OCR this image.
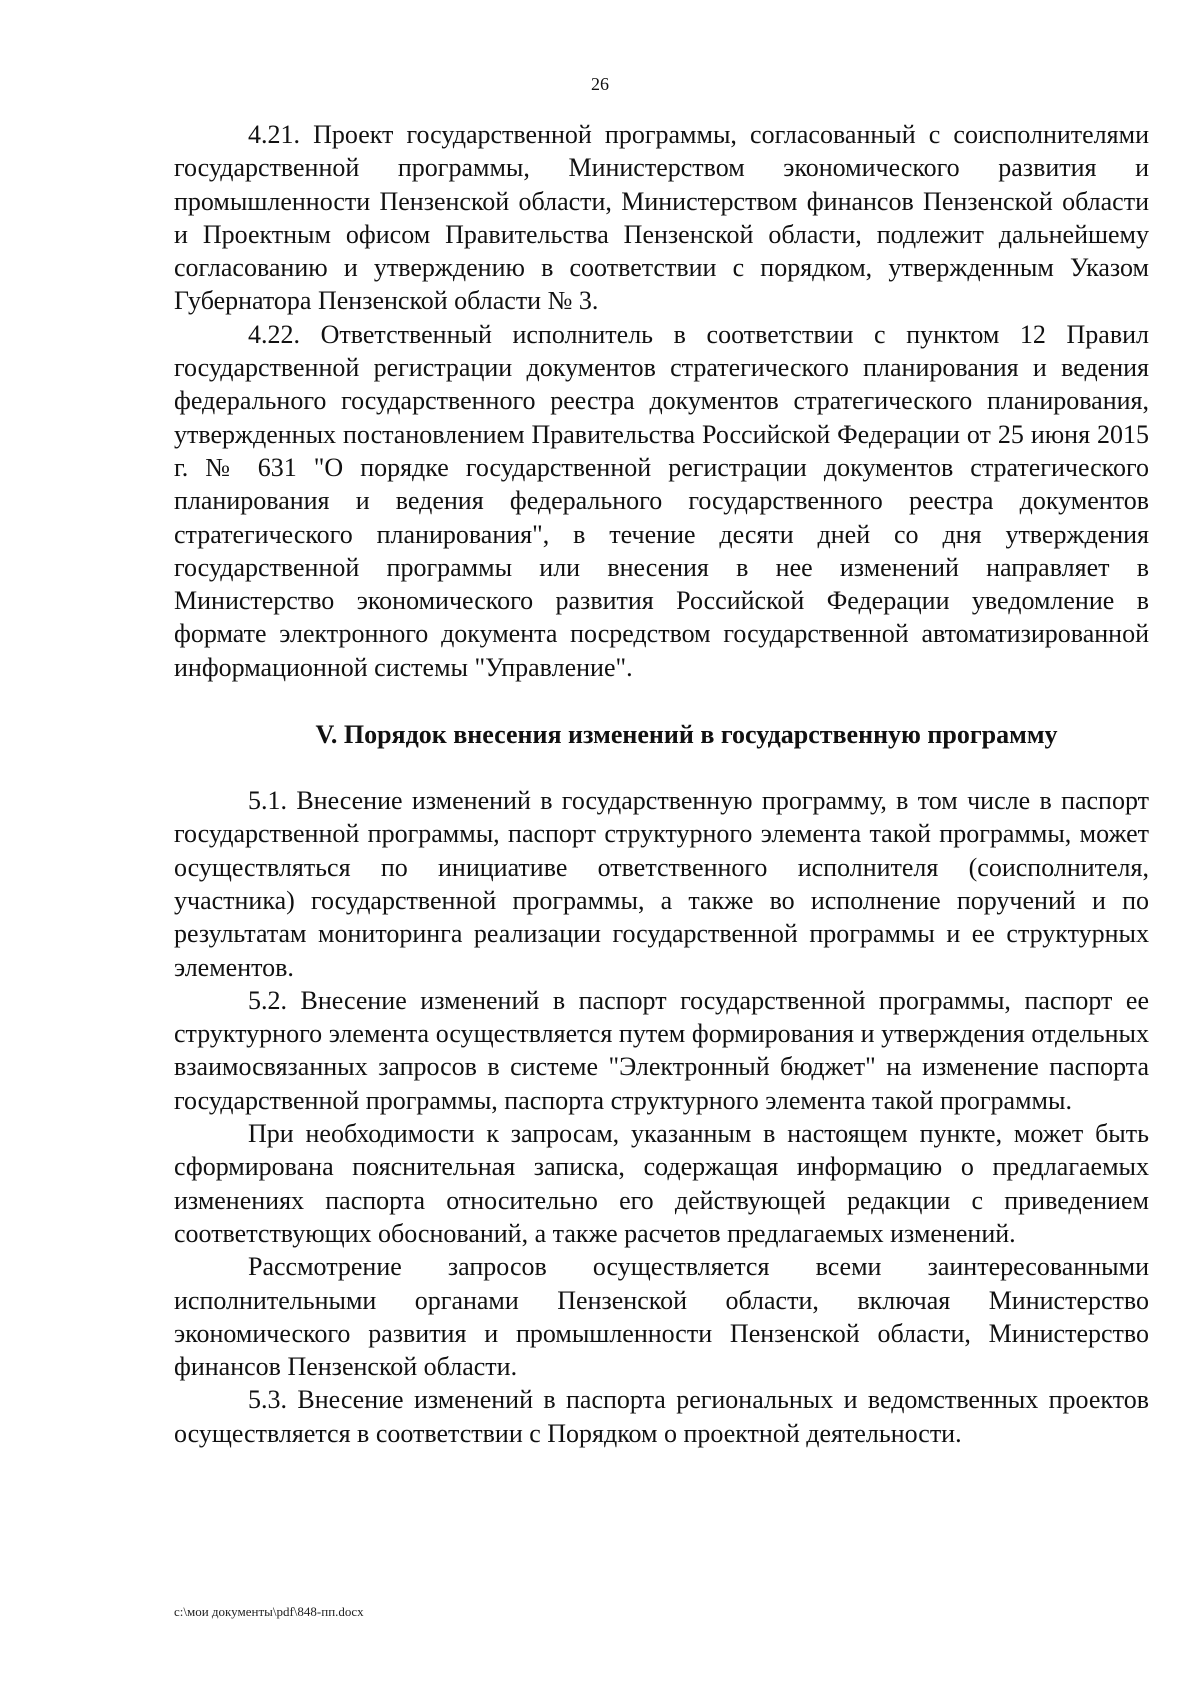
26

4.21. Проект государственной программы, согласованный с соисполнителями государственной программы, Министерством экономического развития и промышленности Пензенской области, Министерством финансов Пензенской области и Проектным офисом Правительства Пензенской области, подлежит дальнейшему согласованию и утверждению в соответствии с порядком, утвержденным Указом Губернатора Пензенской области № 3.

4.22. Ответственный исполнитель в соответствии с пунктом 12 Правил государственной регистрации документов стратегического планирования и ведения федерального государственного реестра документов стратегического планирования, утвержденных постановлением Правительства Российской Федерации от 25 июня 2015 г. № 631 "О порядке государственной регистрации документов стратегического планирования и ведения федерального государственного реестра документов стратегического планирования", в течение десяти дней со дня утверждения государственной программы или внесения в нее изменений направляет в Министерство экономического развития Российской Федерации уведомление в формате электронного документа посредством государственной автоматизированной информационной системы "Управление".

V. Порядок внесения изменений в государственную программу

5.1. Внесение изменений в государственную программу, в том числе в паспорт государственной программы, паспорт структурного элемента такой программы, может осуществляться по инициативе ответственного исполнителя (соисполнителя, участника) государственной программы, а также во исполнение поручений и по результатам мониторинга реализации государственной программы и ее структурных элементов.

5.2. Внесение изменений в паспорт государственной программы, паспорт ее структурного элемента осуществляется путем формирования и утверждения отдельных взаимосвязанных запросов в системе "Электронный бюджет" на изменение паспорта государственной программы, паспорта структурного элемента такой программы.

При необходимости к запросам, указанным в настоящем пункте, может быть сформирована пояснительная записка, содержащая информацию о предлагаемых изменениях паспорта относительно его действующей редакции с приведением соответствующих обоснований, а также расчетов предлагаемых изменений.

Рассмотрение запросов осуществляется всеми заинтересованными исполнительными органами Пензенской области, включая Министерство экономического развития и промышленности Пензенской области, Министерство финансов Пензенской области.

5.3. Внесение изменений в паспорта региональных и ведомственных проектов осуществляется в соответствии с Порядком о проектной деятельности.

c:\мои документы\pdf\848-пп.docx
